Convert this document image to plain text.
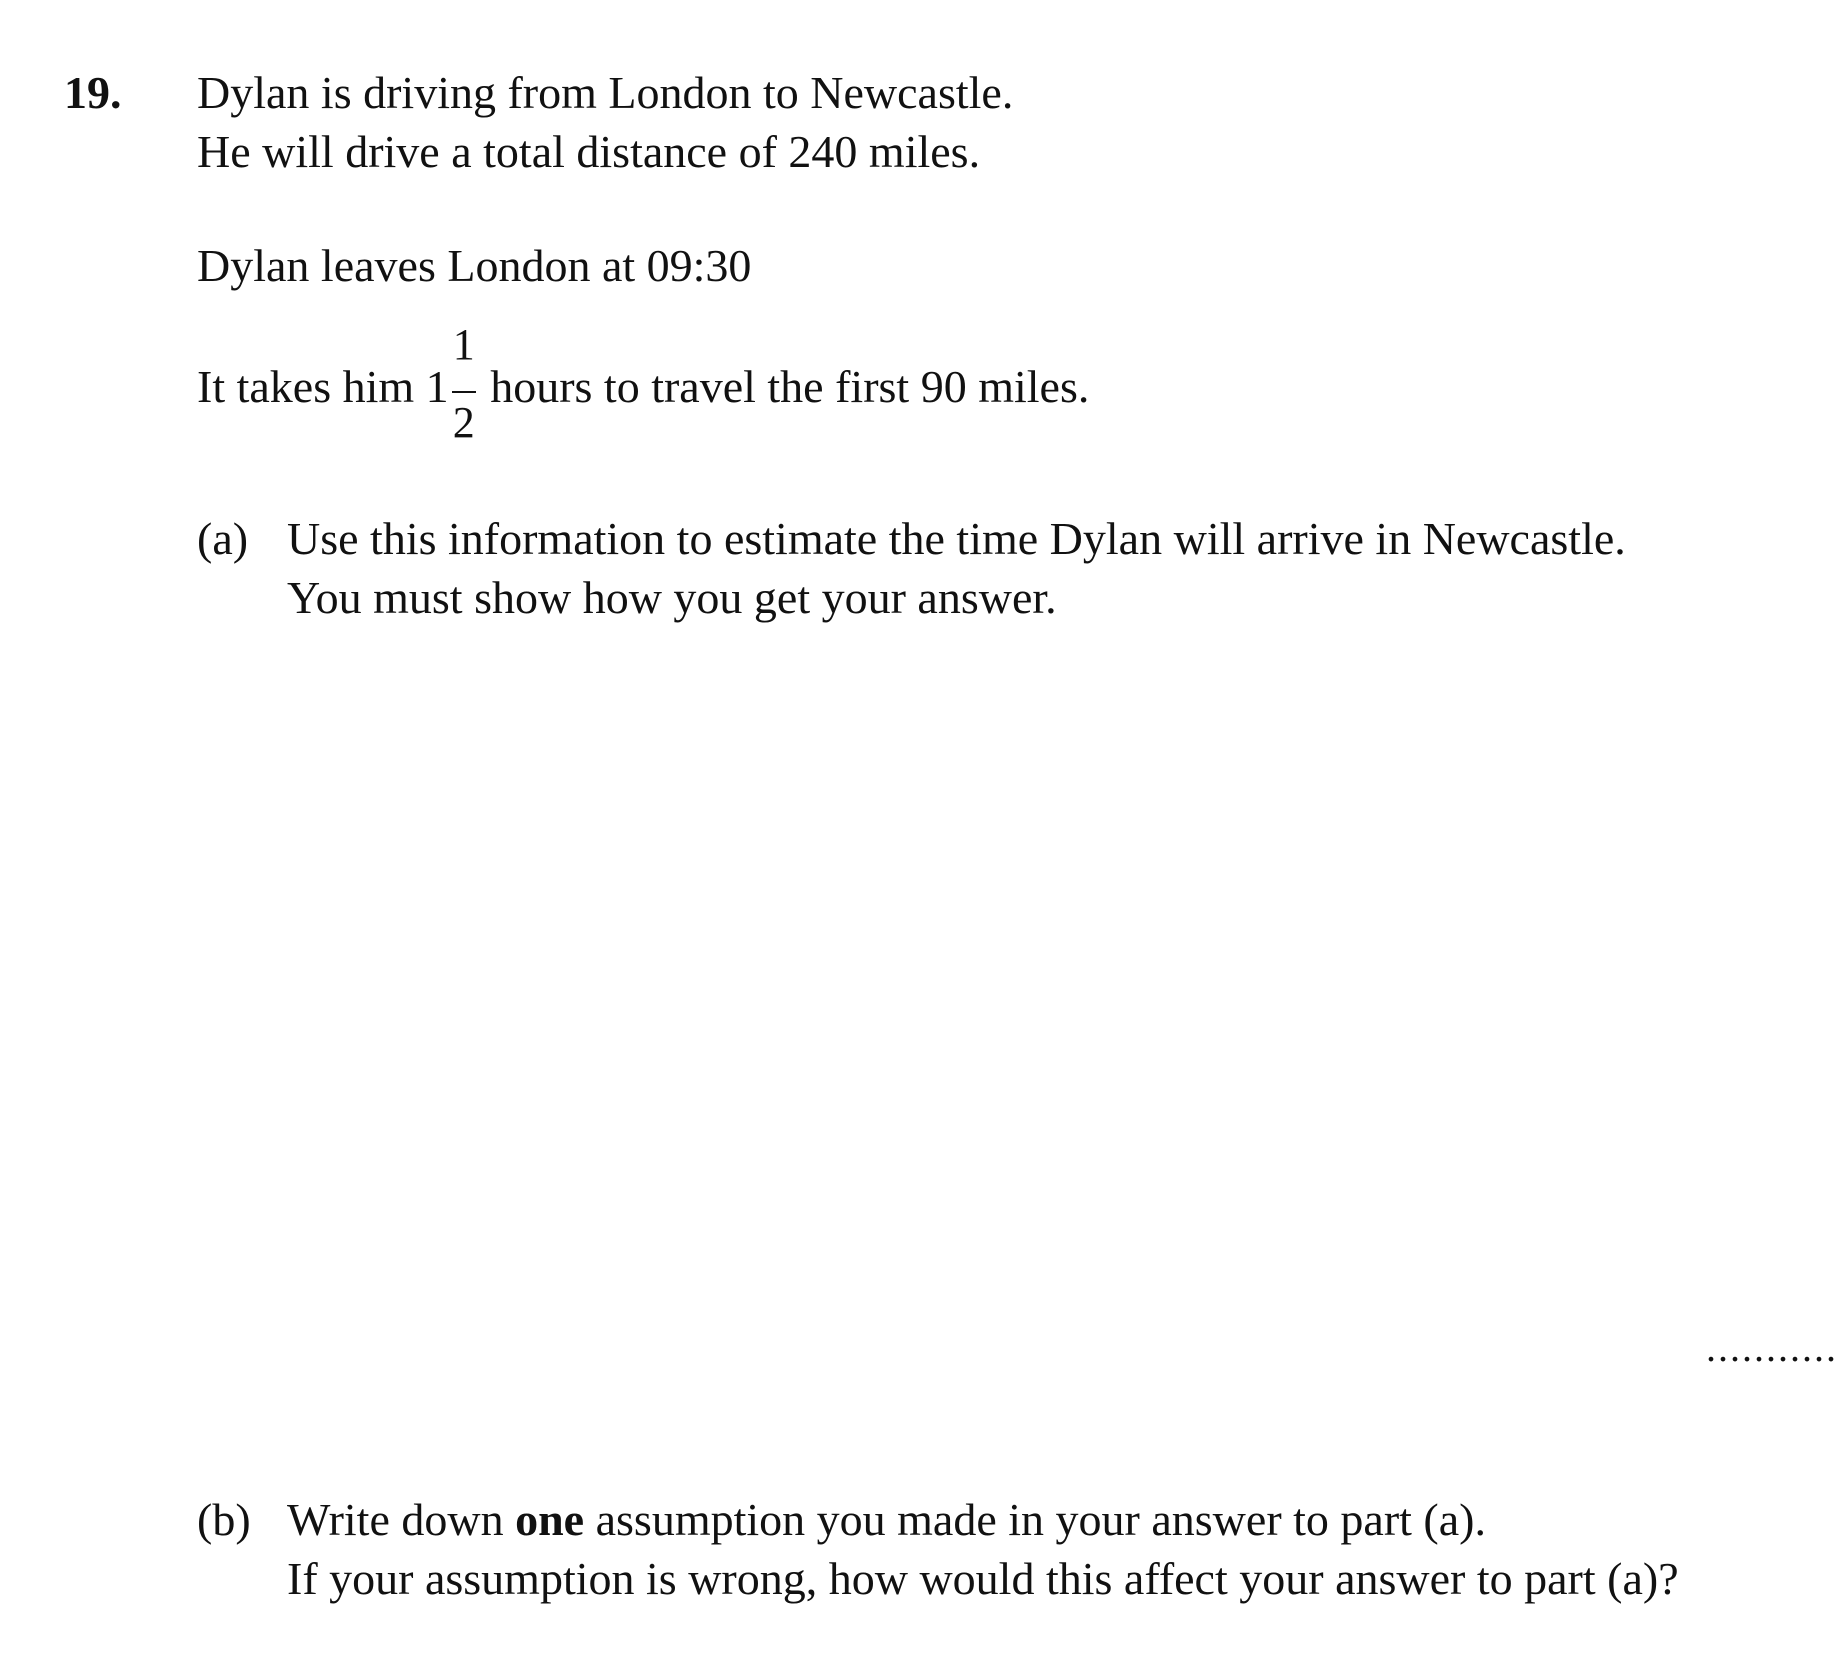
19. Dylan is driving from London to Newcastle.
He will drive a total distance of 240 miles.
Dylan leaves London at 09:30
It takes him $1 \frac{1}{2}$ hours to travel the first 90 miles.
(a) Use this information to estimate the time Dylan will arrive in Newcastle.
You must show how you get your answer.
...........
(b) Write down one assumption you made in your answer to part (a).
If your assumption is wrong, how would this affect your answer to part (a)?
